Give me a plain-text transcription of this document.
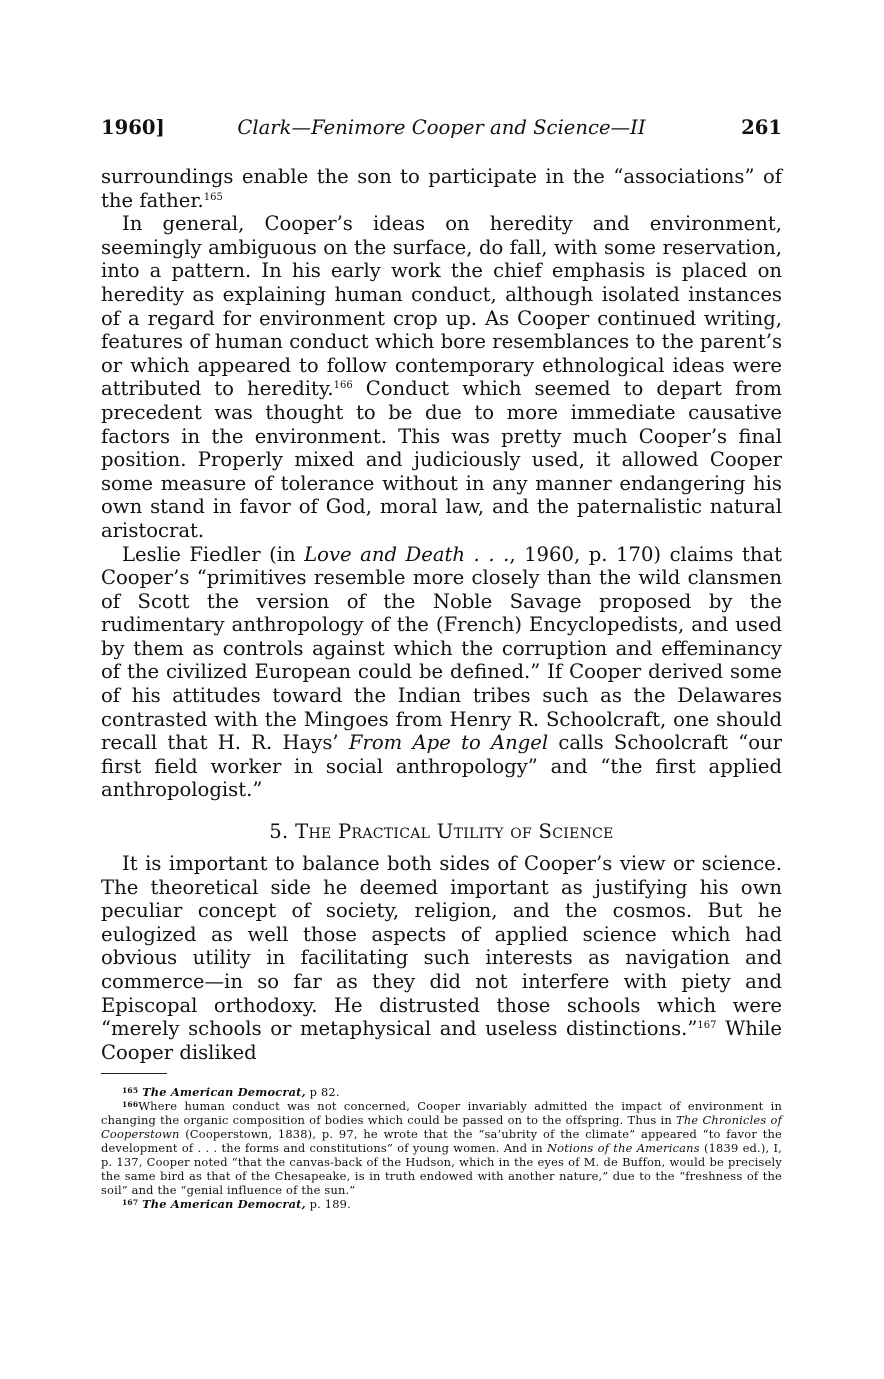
1960]	Clark—Fenimore Cooper and Science—II	261

surroundings enable the son to participate in the “associations” of the father.$^{165}$

In general, Cooper’s ideas on heredity and environment, seemingly ambiguous on the surface, do fall, with some reservation, into a pattern. In his early work the chief emphasis is placed on heredity as explaining human conduct, although isolated instances of a regard for environment crop up. As Cooper continued writing, features of human conduct which bore resemblances to the parent’s or which appeared to follow contemporary ethnological ideas were attributed to heredity.$^{166}$ Conduct which seemed to depart from precedent was thought to be due to more immediate causative factors in the environment. This was pretty much Cooper’s final position. Properly mixed and judiciously used, it allowed Cooper some measure of tolerance without in any manner endangering his own stand in favor of God, moral law, and the paternalistic natural aristocrat.

Leslie Fiedler (in Love and Death . . ., 1960, p. 170) claims that Cooper’s “primitives resemble more closely than the wild clansmen of Scott the version of the Noble Savage proposed by the rudimentary anthropology of the (French) Encyclopedists, and used by them as controls against which the corruption and effeminancy of the civilized European could be defined.” If Cooper derived some of his attitudes toward the Indian tribes such as the Delawares contrasted with the Mingoes from Henry R. Schoolcraft, one should recall that H. R. Hays’ From Ape to Angel calls Schoolcraft “our first field worker in social anthropology” and “the first applied anthropologist.”

5. The Practical Utility of Science

It is important to balance both sides of Cooper’s view or science. The theoretical side he deemed important as justifying his own peculiar concept of society, religion, and the cosmos. But he eulogized as well those aspects of applied science which had obvious utility in facilitating such interests as navigation and commerce—in so far as they did not interfere with piety and Episcopal orthodoxy. He distrusted those schools which were “merely schools or metaphysical and useless distinctions.”$^{167}$ While Cooper disliked

$^{165}$ The American Democrat, p 82.

$^{166}$Where human conduct was not concerned, Cooper invariably admitted the impact of environment in changing the organic composition of bodies which could be passed on to the offspring. Thus in The Chronicles of Cooperstown (Cooperstown, 1838), p. 97, he wrote that the “sa’ubrity of the climate” appeared “to favor the development of . . . the forms and constitutions” of young women. And in Notions of the Americans (1839 ed.), I, p. 137, Cooper noted “that the canvas-back of the Hudson, which in the eyes of M. de Buffon, would be precisely the same bird as that of the Chesapeake, is in truth endowed with another nature,” due to the “freshness of the soil” and the “genial influence of the sun.”

$^{167}$ The American Democrat, p. 189.
